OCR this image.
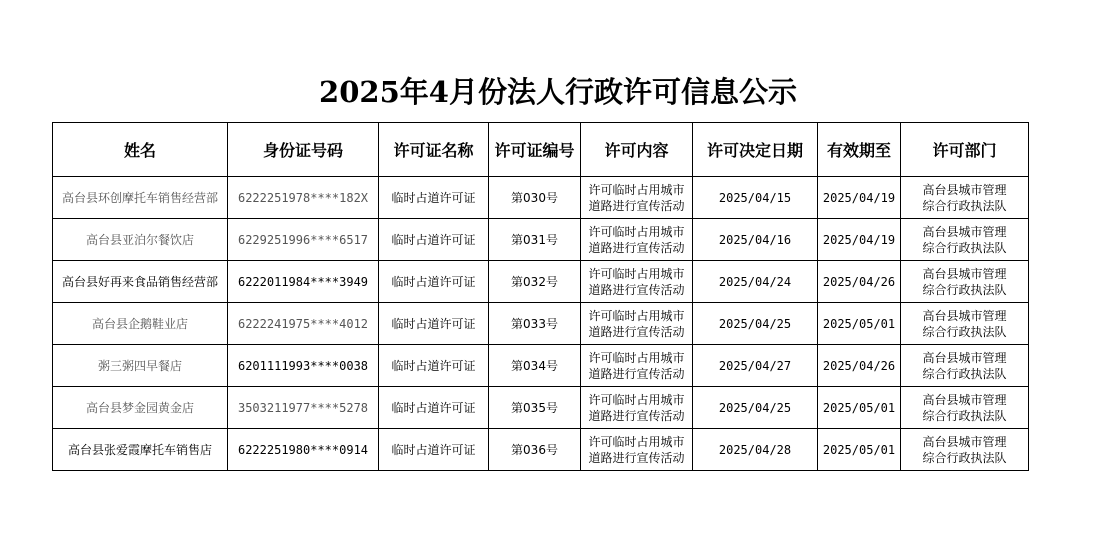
2025年4月份法人行政许可信息公示
姓名	身份证号码	许可证名称	许可证编号	许可内容	许可决定日期	有效期至	许可部门
高台县环创摩托车销售经营部	6222251978****182X	临时占道许可证	第030号	许可临时占用城市
道路进行宣传活动	2025/04/15	2025/04/19	高台县城市管理
综合行政执法队

高台县亚泊尔餐饮店	6229251996****6517	临时占道许可证	第031号	许可临时占用城市
道路进行宣传活动	2025/04/16	2025/04/19	高台县城市管理
综合行政执法队

高台县好再来食品销售经营部	6222011984****3949	临时占道许可证	第032号	许可临时占用城市
道路进行宣传活动	2025/04/24	2025/04/26	高台县城市管理
综合行政执法队

高台县企鹅鞋业店	6222241975****4012	临时占道许可证	第033号	许可临时占用城市
道路进行宣传活动	2025/04/25	2025/05/01	高台县城市管理
综合行政执法队

粥三粥四早餐店	6201111993****0038	临时占道许可证	第034号	许可临时占用城市
道路进行宣传活动	2025/04/27	2025/04/26	高台县城市管理
综合行政执法队

高台县梦金园黄金店	3503211977****5278	临时占道许可证	第035号	许可临时占用城市
道路进行宣传活动	2025/04/25	2025/05/01	高台县城市管理
综合行政执法队

高台县张爱霞摩托车销售店	6222251980****0914	临时占道许可证	第036号	许可临时占用城市
道路进行宣传活动	2025/04/28	2025/05/01	高台县城市管理
综合行政执法队
